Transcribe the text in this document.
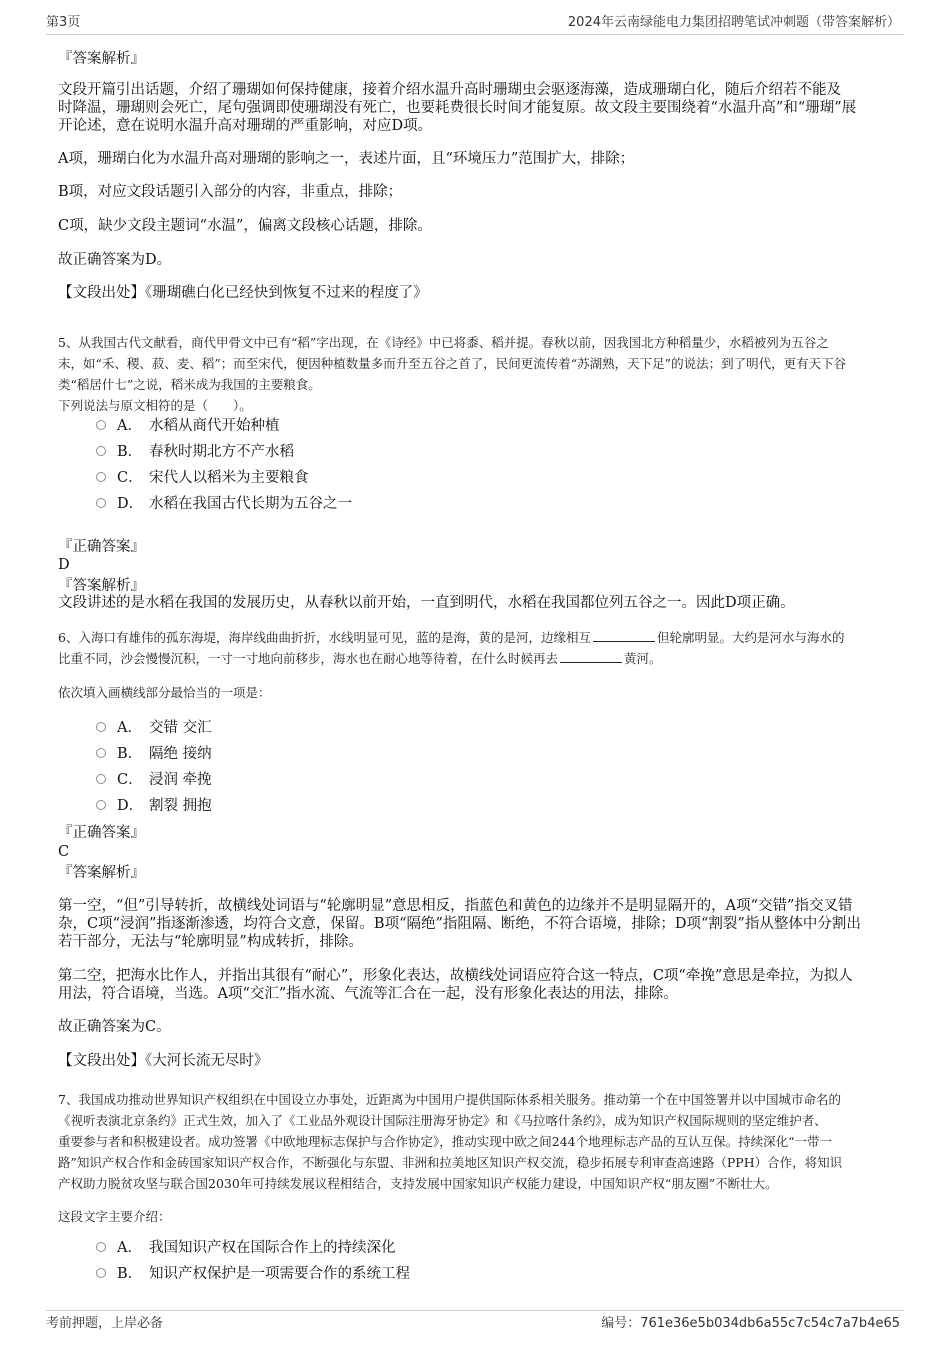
第3页	2024年云南绿能电力集团招聘笔试冲刺题（带答案解析）
『答案解析』
文段开篇引出话题，介绍了珊瑚如何保持健康，接着介绍水温升高时珊瑚虫会驱逐海藻，造成珊瑚白化，随后介绍若不能及
时降温，珊瑚则会死亡，尾句强调即使珊瑚没有死亡，也要耗费很长时间才能复原。故文段主要围绕着“水温升高”和“珊瑚”展
开论述，意在说明水温升高对珊瑚的严重影响，对应D项。
A项，珊瑚白化为水温升高对珊瑚的影响之一，表述片面，且“环境压力”范围扩大，排除；
B项，对应文段话题引入部分的内容，非重点，排除；
C项，缺少文段主题词“水温”，偏离文段核心话题，排除。
故正确答案为D。
【文段出处】《珊瑚礁白化已经快到恢复不过来的程度了》
5、从我国古代文献看，商代甲骨文中已有“稻”字出现，在《诗经》中已将黍、稻并提。春秋以前，因我国北方种稻量少，水稻被列为五谷之
末，如“禾、稷、菽、麦、稻”；而至宋代，便因种植数量多而升至五谷之首了，民间更流传着“苏湖熟，天下足”的说法；到了明代，更有天下谷
类“稻居什七”之说，稻米成为我国的主要粮食。
下列说法与原文相符的是（　　）。
A． 水稻从商代开始种植
B． 春秋时期北方不产水稻
C． 宋代人以稻米为主要粮食
D． 水稻在我国古代长期为五谷之一
『正确答案』
D
『答案解析』
文段讲述的是水稻在我国的发展历史，从春秋以前开始，一直到明代，水稻在我国都位列五谷之一。因此D项正确。
6、入海口有雄伟的孤东海堤，海岸线曲曲折折，水线明显可见，蓝的是海，黄的是河，边缘相互	但轮廓明显。大约是河水与海水的
比重不同，沙会慢慢沉积，一寸一寸地向前移步，海水也在耐心地等待着，在什么时候再去	黄河。
依次填入画横线部分最恰当的一项是：
A． 交错 交汇
B． 隔绝 接纳
C． 浸润 牵挽
D． 割裂 拥抱
『正确答案』
C
『答案解析』
第一空，“但”引导转折，故横线处词语与“轮廓明显”意思相反，指蓝色和黄色的边缘并不是明显隔开的，A项“交错”指交叉错
杂，C项“浸润”指逐渐渗透，均符合文意，保留。B项“隔绝”指阻隔、断绝，不符合语境，排除；D项“割裂”指从整体中分割出
若干部分，无法与“轮廓明显”构成转折，排除。
第二空，把海水比作人，并指出其很有“耐心”，形象化表达，故横线处词语应符合这一特点，C项“牵挽”意思是牵拉，为拟人
用法，符合语境，当选。A项“交汇”指水流、气流等汇合在一起，没有形象化表达的用法，排除。
故正确答案为C。
【文段出处】《大河长流无尽时》
7、我国成功推动世界知识产权组织在中国设立办事处，近距离为中国用户提供国际体系相关服务。推动第一个在中国签署并以中国城市命名的
《视听表演北京条约》正式生效，加入了《工业品外观设计国际注册海牙协定》和《马拉喀什条约》，成为知识产权国际规则的坚定维护者、
重要参与者和积极建设者。成功签署《中欧地理标志保护与合作协定》，推动实现中欧之间244个地理标志产品的互认互保。持续深化“一带一
路”知识产权合作和金砖国家知识产权合作，不断强化与东盟、非洲和拉美地区知识产权交流，稳步拓展专利审查高速路（PPH）合作，将知识
产权助力脱贫攻坚与联合国2030年可持续发展议程相结合，支持发展中国家知识产权能力建设，中国知识产权“朋友圈”不断壮大。
这段文字主要介绍：
A． 我国知识产权在国际合作上的持续深化
B． 知识产权保护是一项需要合作的系统工程
考前押题，上岸必备	编号：761e36e5b034db6a55c7c54c7a7b4e65
